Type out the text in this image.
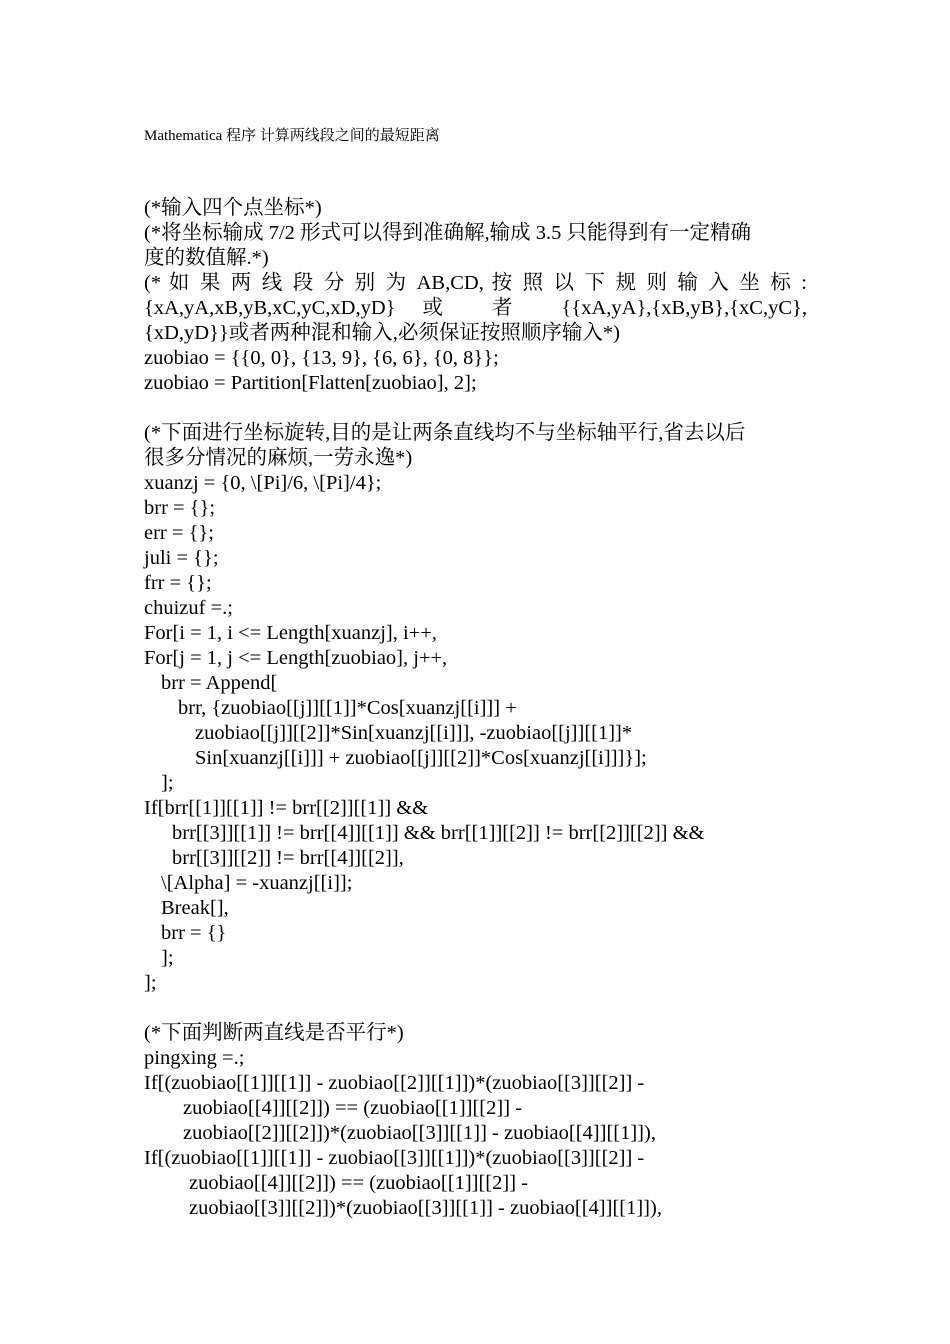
Mathematica 程序 计算两线段之间的最短距离
(*输入四个点坐标*)
(*将坐标输成 7/2 形式可以得到准确解,输成 3.5 只能得到有一定精确
度的数值解.*)
(* 如 果 两 线 段 分 别 为 AB,CD, 按 照 以 下 规 则 输 入 坐 标 :
{xA,yA,xB,yB,xC,yC,xD,yD} 或 者 {{xA,yA},{xB,yB},{xC,yC},
{xD,yD}}或者两种混和输入,必须保证按照顺序输入*)
zuobiao = {{0, 0}, {13, 9}, {6, 6}, {0, 8}};
zuobiao = Partition[Flatten[zuobiao], 2];
(*下面进行坐标旋转,目的是让两条直线均不与坐标轴平行,省去以后
很多分情况的麻烦,一劳永逸*)
xuanzj = {0, \[Pi]/6, \[Pi]/4};
brr = {};
err = {};
juli = {};
frr = {};
chuizuf =.;
For[i = 1, i <= Length[xuanzj], i++,
For[j = 1, j <= Length[zuobiao], j++,
brr = Append[
brr, {zuobiao[[j]][[1]]*Cos[xuanzj[[i]]] +
zuobiao[[j]][[2]]*Sin[xuanzj[[i]]], -zuobiao[[j]][[1]]*
Sin[xuanzj[[i]]] + zuobiao[[j]][[2]]*Cos[xuanzj[[i]]]}];
];
If[brr[[1]][[1]] != brr[[2]][[1]] &&
brr[[3]][[1]] != brr[[4]][[1]] && brr[[1]][[2]] != brr[[2]][[2]] &&
brr[[3]][[2]] != brr[[4]][[2]],
\[Alpha] = -xuanzj[[i]];
Break[],
brr = {}
];
];
(*下面判断两直线是否平行*)
pingxing =.;
If[(zuobiao[[1]][[1]] - zuobiao[[2]][[1]])*(zuobiao[[3]][[2]] -
zuobiao[[4]][[2]]) == (zuobiao[[1]][[2]] -
zuobiao[[2]][[2]])*(zuobiao[[3]][[1]] - zuobiao[[4]][[1]]),
If[(zuobiao[[1]][[1]] - zuobiao[[3]][[1]])*(zuobiao[[3]][[2]] -
zuobiao[[4]][[2]]) == (zuobiao[[1]][[2]] -
zuobiao[[3]][[2]])*(zuobiao[[3]][[1]] - zuobiao[[4]][[1]]),
